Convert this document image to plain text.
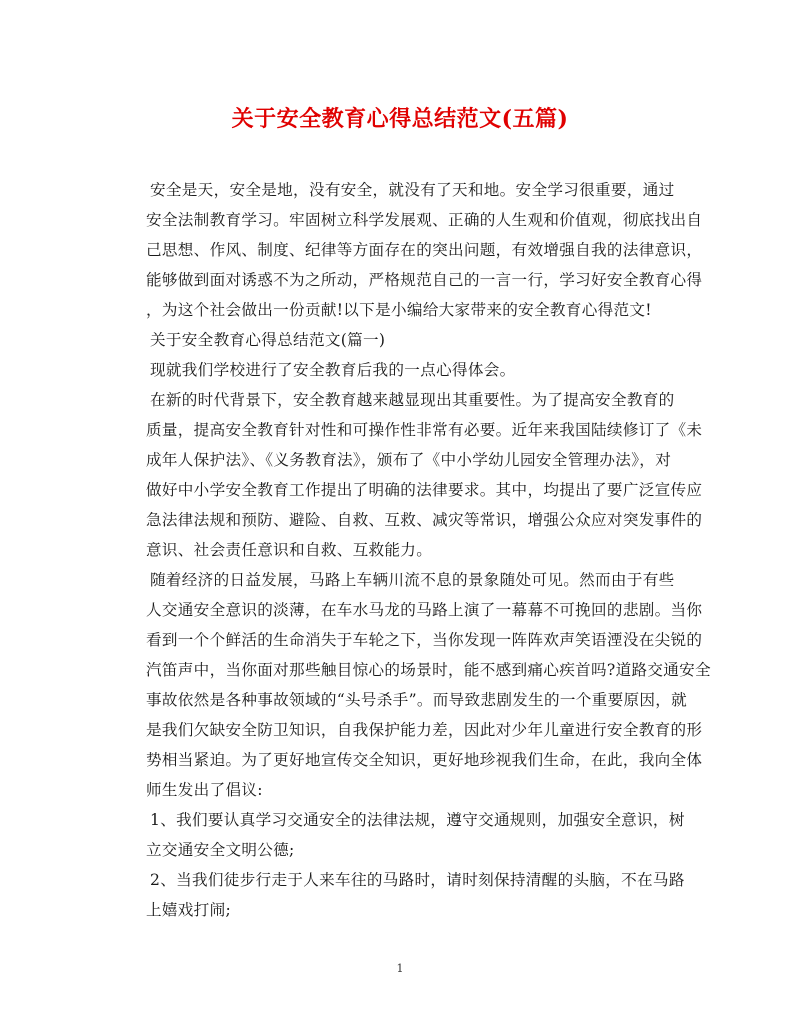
关于安全教育心得总结范文(五篇)
安全是天，安全是地，没有安全，就没有了天和地。安全学习很重要，通过
安全法制教育学习。牢固树立科学发展观、正确的人生观和价值观，彻底找出自
己思想、作风、制度、纪律等方面存在的突出问题，有效增强自我的法律意识，
能够做到面对诱惑不为之所动，严格规范自己的一言一行，学习好安全教育心得
，为这个社会做出一份贡献!以下是小编给大家带来的安全教育心得范文!
关于安全教育心得总结范文(篇一)
现就我们学校进行了安全教育后我的一点心得体会。
在新的时代背景下，安全教育越来越显现出其重要性。为了提高安全教育的
质量，提高安全教育针对性和可操作性非常有必要。近年来我国陆续修订了《未
成年人保护法》、《义务教育法》，颁布了《中小学幼儿园安全管理办法》，对
做好中小学安全教育工作提出了明确的法律要求。其中，均提出了要广泛宣传应
急法律法规和预防、避险、自救、互救、减灾等常识，增强公众应对突发事件的
意识、社会责任意识和自救、互救能力。
随着经济的日益发展，马路上车辆川流不息的景象随处可见。然而由于有些
人交通安全意识的淡薄，在车水马龙的马路上演了一幕幕不可挽回的悲剧。当你
看到一个个鲜活的生命消失于车轮之下，当你发现一阵阵欢声笑语湮没在尖锐的
汽笛声中，当你面对那些触目惊心的场景时，能不感到痛心疾首吗?道路交通安全
事故依然是各种事故领域的“头号杀手”。而导致悲剧发生的一个重要原因，就
是我们欠缺安全防卫知识，自我保护能力差，因此对少年儿童进行安全教育的形
势相当紧迫。为了更好地宣传交全知识，更好地珍视我们生命，在此，我向全体
师生发出了倡议:
1、我们要认真学习交通安全的法律法规，遵守交通规则，加强安全意识，树
立交通安全文明公德;
2、当我们徒步行走于人来车往的马路时，请时刻保持清醒的头脑，不在马路
上嬉戏打闹;
1
